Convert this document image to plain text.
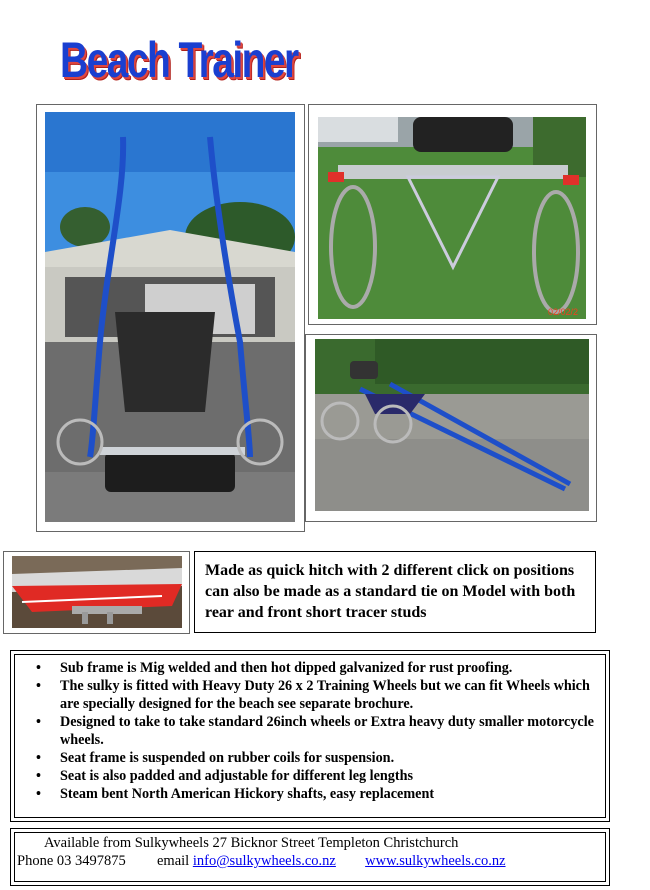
Beach Trainer
02/02/2
Made as quick hitch with 2 different click on positions can also be made as a standard tie on Model with both rear and front short tracer studs
• Sub frame is Mig welded and then hot dipped galvanized for rust proofing.
• The sulky is fitted with Heavy Duty 26 x 2 Training Wheels but we can fit Wheels which are specially designed for the beach see separate brochure.
• Designed to take to take standard 26inch wheels or Extra heavy duty smaller motorcycle wheels.
• Seat frame is suspended on rubber coils for suspension.
• Seat is also padded and adjustable for different leg lengths
• Steam bent North American Hickory shafts, easy replacement
Available from Sulkywheels 27 Bicknor Street Templeton Christchurch
Phone 03 3497875 email info@sulkywheels.co.nz www.sulkywheels.co.nz
